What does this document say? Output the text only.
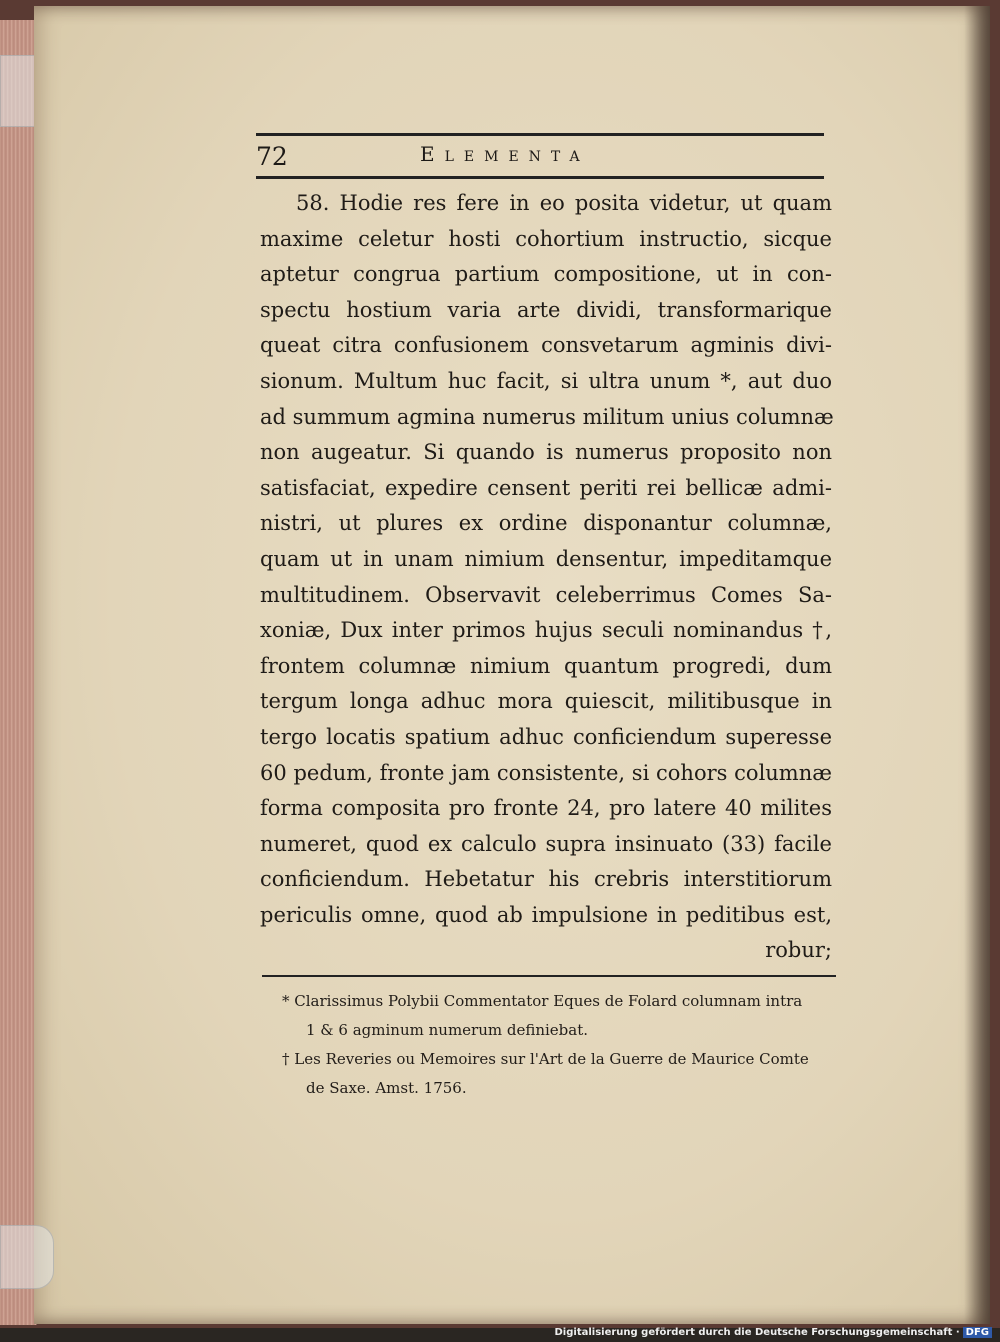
72	Elementa
58. Hodie res fere in eo posita videtur, ut quam
maxime celetur hosti cohortium instructio, sicque
aptetur congrua partium compositione, ut in con-
spectu hostium varia arte dividi, transformarique
queat citra confusionem consvetarum agminis divi-
sionum. Multum huc facit, si ultra unum *, aut duo
ad summum agmina numerus militum unius columnæ
non augeatur. Si quando is numerus proposito non
satisfaciat, expedire censent periti rei bellicæ admi-
nistri, ut plures ex ordine disponantur columnæ,
quam ut in unam nimium densentur, impeditamque
multitudinem. Observavit celeberrimus Comes Sa-
xoniæ, Dux inter primos hujus seculi nominandus †,
frontem columnæ nimium quantum progredi, dum
tergum longa adhuc mora quiescit, militibusque in
tergo locatis spatium adhuc conficiendum superesse
60 pedum, fronte jam consistente, si cohors columnæ
forma composita pro fronte 24, pro latere 40 milites
numeret, quod ex calculo supra insinuato (33) facile
conficiendum. Hebetatur his crebris interstitiorum
periculis omne, quod ab impulsione in peditibus est,
robur;
* Clarissimus Polybii Commentator Eques de Folard columnam intra
1 & 6 agminum numerum definiebat.
† Les Reveries ou Memoires sur l'Art de la Guerre de Maurice Comte
de Saxe. Amst. 1756.
Digitalisierung gefördert durch die Deutsche Forschungsgemeinschaft · DFG
